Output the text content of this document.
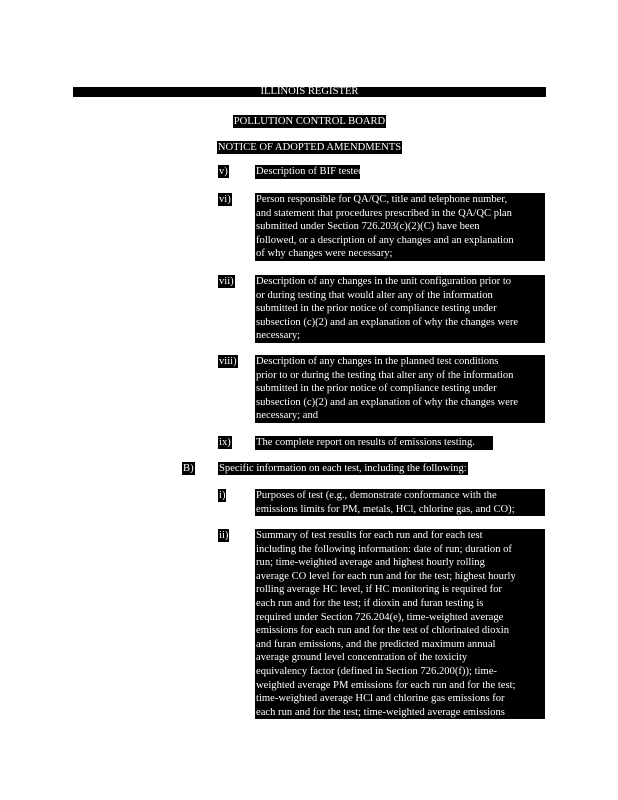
ILLINOIS REGISTER
POLLUTION CONTROL BOARD
NOTICE OF ADOPTED AMENDMENTS
v)	Description of BIF tested;
vi) Person responsible for QA/QC, title and telephone number,
and statement that procedures prescribed in the QA/QC plan
submitted under Section 726.203(c)(2)(C) have been
followed, or a description of any changes and an explanation
of why changes were necessary;
vii) Description of any changes in the unit configuration prior to
or during testing that would alter any of the information
submitted in the prior notice of compliance testing under
subsection (c)(2) and an explanation of why the changes were
necessary;
viii) Description of any changes in the planned test conditions
prior to or during the testing that alter any of the information
submitted in the prior notice of compliance testing under
subsection (c)(2) and an explanation of why the changes were
necessary; and
ix) The complete report on results of emissions testing.
B) Specific information on each test, including the following:
i)	Purposes of test (e.g., demonstrate conformance with the
emissions limits for PM, metals, HCl, chlorine gas, and CO);
ii)	Summary of test results for each run and for each test
including the following information: date of run; duration of
run; time-weighted average and highest hourly rolling
average CO level for each run and for the test; highest hourly
rolling average HC level, if HC monitoring is required for
each run and for the test; if dioxin and furan testing is
required under Section 726.204(e), time-weighted average
emissions for each run and for the test of chlorinated dioxin
and furan emissions, and the predicted maximum annual
average ground level concentration of the toxicity
equivalency factor (defined in Section 726.200(f)); time-
weighted average PM emissions for each run and for the test;
time-weighted average HCl and chlorine gas emissions for
each run and for the test; time-weighted average emissions
